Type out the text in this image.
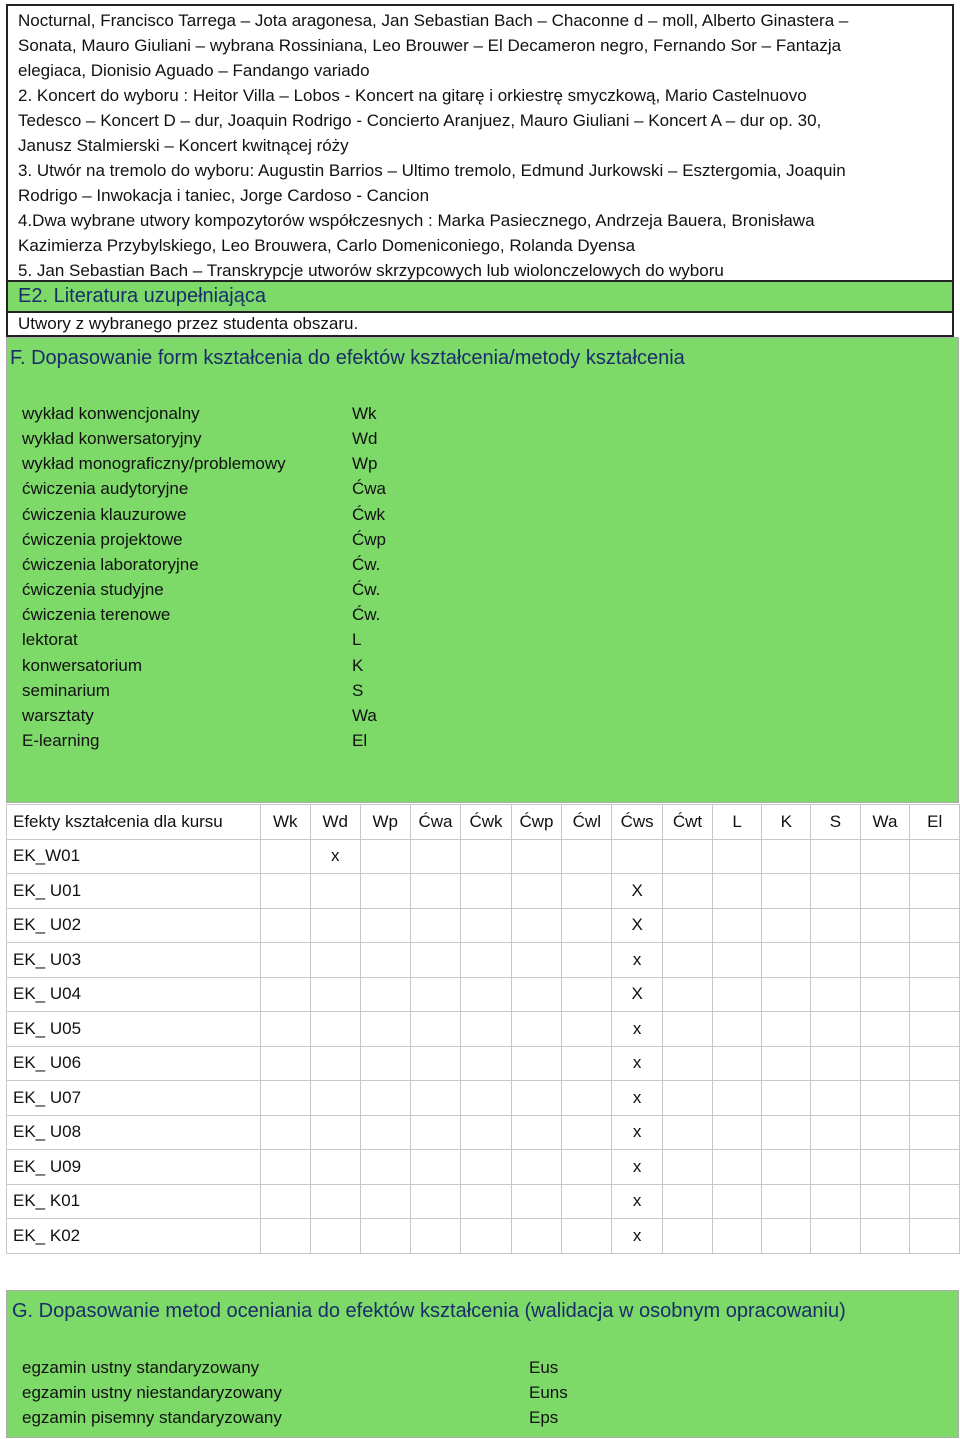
Nocturnal, Francisco Tarrega – Jota aragonesa, Jan Sebastian Bach – Chaconne d – moll, Alberto Ginastera –

Sonata, Mauro Giuliani – wybrana Rossiniana, Leo Brouwer – El Decameron negro, Fernando Sor – Fantazja

elegiaca, Dionisio Aguado – Fandango variado

2. Koncert do wyboru : Heitor Villa – Lobos - Koncert na gitarę i orkiestrę smyczkową, Mario Castelnuovo

Tedesco – Koncert D – dur, Joaquin Rodrigo - Concierto Aranjuez, Mauro Giuliani – Koncert A – dur op. 30,

Janusz Stalmierski – Koncert kwitnącej róży

3. Utwór na tremolo do wyboru: Augustin Barrios – Ultimo tremolo, Edmund Jurkowski – Esztergomia, Joaquin

Rodrigo – Inwokacja i taniec, Jorge Cardoso - Cancion

4.Dwa wybrane utwory kompozytorów współczesnych : Marka Pasiecznego, Andrzeja Bauera, Bronisława

Kazimierza Przybylskiego, Leo Brouwera, Carlo Domeniconiego, Rolanda Dyensa

5. Jan Sebastian Bach – Transkrypcje utworów skrzypcowych lub wiolonczelowych do wyboru

E2. Literatura uzupełniająca
Utwory z wybranego przez studenta obszaru.
F. Dopasowanie form kształcenia do efektów kształcenia/metody kształcenia
wykład konwencjonalny	Wk
wykład konwersatoryjny	Wd
wykład monograficzny/problemowy	Wp
ćwiczenia audytoryjne	Ćwa
ćwiczenia klauzurowe	Ćwk
ćwiczenia projektowe	Ćwp
ćwiczenia laboratoryjne	Ćw.
ćwiczenia studyjne	Ćw.
ćwiczenia terenowe	Ćw.
lektorat	L
konwersatorium	K
seminarium	S
warsztaty	Wa
E-learning	El
Efekty kształcenia dla kursu	Wk	Wd	Wp	Ćwa	Ćwk	Ćwp	Ćwl	Ćws	Ćwt	L	K	S	Wa	El
EK_W01		x												
EK_ U01								X						
EK_ U02								X						
EK_ U03								x						
EK_ U04								X						
EK_ U05								x						
EK_ U06								x						
EK_ U07								x						
EK_ U08								x						
EK_ U09								x						
EK_ K01								x						
EK_ K02								x						
G. Dopasowanie metod oceniania do efektów kształcenia (walidacja w osobnym opracowaniu)
egzamin ustny standaryzowany	Eus
egzamin ustny niestandaryzowany	Euns
egzamin pisemny standaryzowany	Eps
